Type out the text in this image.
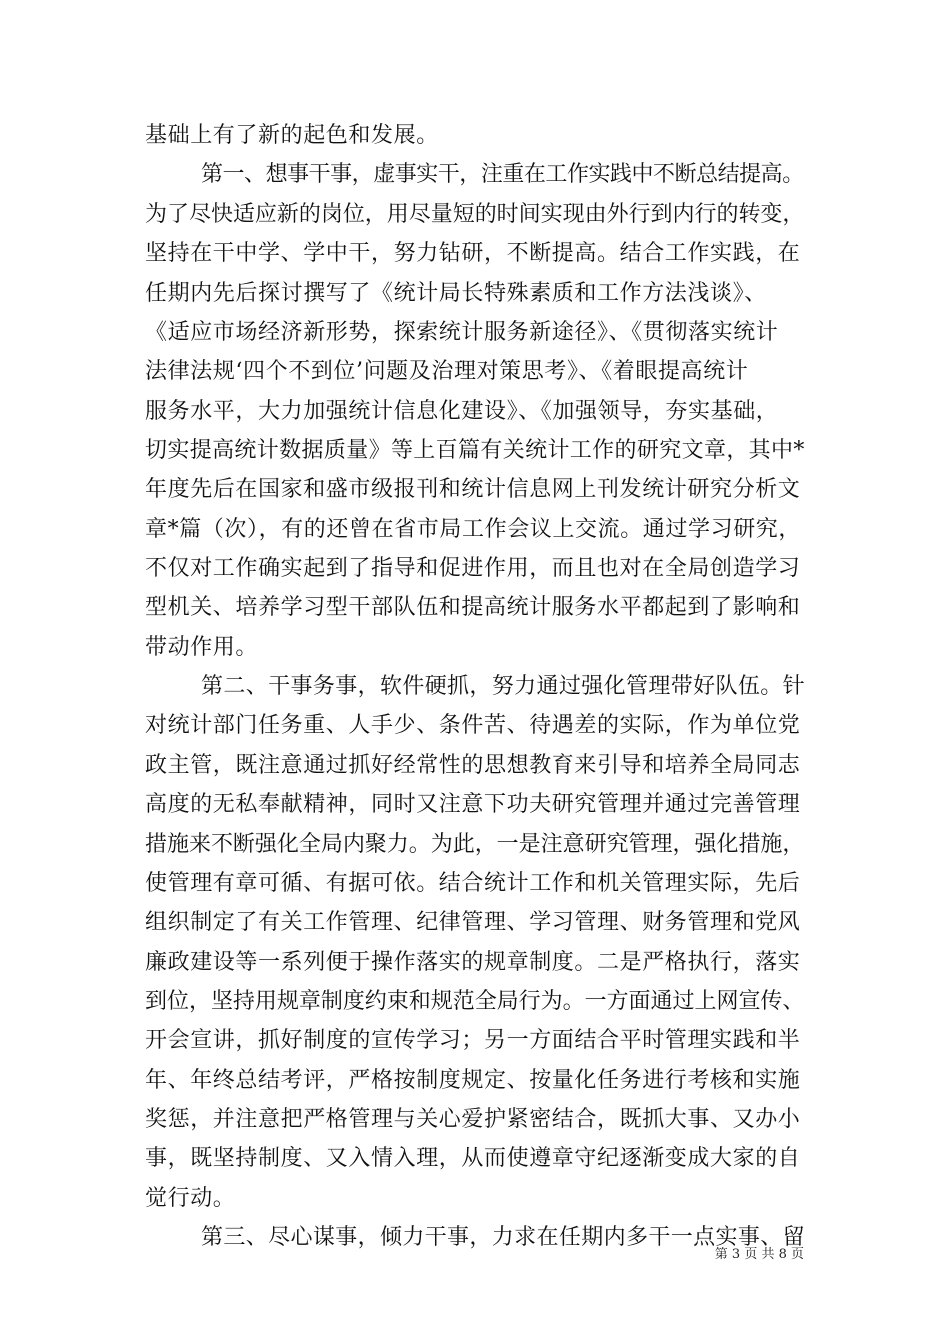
基础上有了新的起色和发展。
第一、想事干事，虚事实干，注重在工作实践中不断总结提高。
为了尽快适应新的岗位，用尽量短的时间实现由外行到内行的转变，
坚持在干中学、学中干，努力钻研，不断提高。结合工作实践，在
任期内先后探讨撰写了《统计局长特殊素质和工作方法浅谈》、
《适应市场经济新形势，探索统计服务新途径》、《贯彻落实统计
法律法规‘四个不到位’问题及治理对策思考》、《着眼提高统计
服务水平，大力加强统计信息化建设》、《加强领导，夯实基础，
切实提高统计数据质量》等上百篇有关统计工作的研究文章，其中*
年度先后在国家和盛市级报刊和统计信息网上刊发统计研究分析文
章*篇（次），有的还曾在省市局工作会议上交流。通过学习研究，
不仅对工作确实起到了指导和促进作用，而且也对在全局创造学习
型机关、培养学习型干部队伍和提高统计服务水平都起到了影响和
带动作用。
第二、干事务事，软件硬抓，努力通过强化管理带好队伍。针
对统计部门任务重、人手少、条件苦、待遇差的实际，作为单位党
政主管，既注意通过抓好经常性的思想教育来引导和培养全局同志
高度的无私奉献精神，同时又注意下功夫研究管理并通过完善管理
措施来不断强化全局内聚力。为此，一是注意研究管理，强化措施，
使管理有章可循、有据可依。结合统计工作和机关管理实际，先后
组织制定了有关工作管理、纪律管理、学习管理、财务管理和党风
廉政建设等一系列便于操作落实的规章制度。二是严格执行，落实
到位，坚持用规章制度约束和规范全局行为。一方面通过上网宣传、
开会宣讲，抓好制度的宣传学习；另一方面结合平时管理实践和半
年、年终总结考评，严格按制度规定、按量化任务进行考核和实施
奖惩，并注意把严格管理与关心爱护紧密结合，既抓大事、又办小
事，既坚持制度、又入情入理，从而使遵章守纪逐渐变成大家的自
觉行动。
第三、尽心谋事，倾力干事，力求在任期内多干一点实事、留
第 3 页 共 8 页
